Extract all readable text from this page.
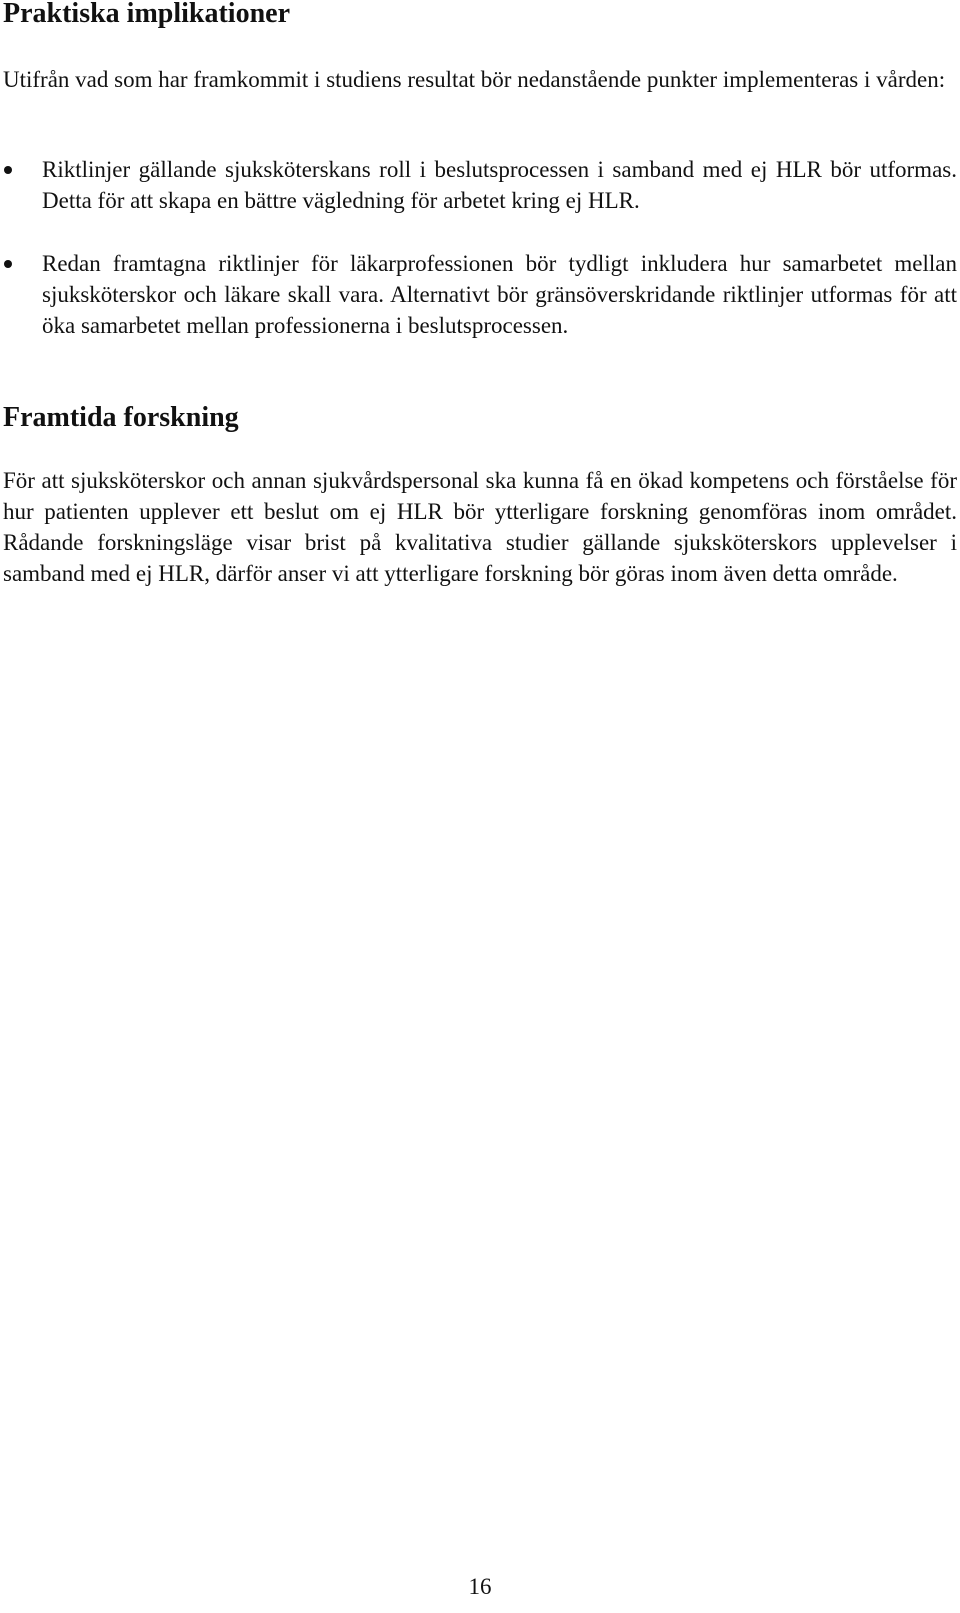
Praktiska implikationer

Utifrån vad som har framkommit i studiens resultat bör nedanstående punkter implementeras i vården:

Riktlinjer gällande sjuksköterskans roll i beslutsprocessen i samband med ej HLR bör utformas. Detta för att skapa en bättre vägledning för arbetet kring ej HLR.

Redan framtagna riktlinjer för läkarprofessionen bör tydligt inkludera hur samarbetet mellan sjuksköterskor och läkare skall vara. Alternativt bör gränsöverskridande riktlinjer utformas för att öka samarbetet mellan professionerna i beslutsprocessen.

Framtida forskning

För att sjuksköterskor och annan sjukvårdspersonal ska kunna få en ökad kompetens och förståelse för hur patienten upplever ett beslut om ej HLR bör ytterligare forskning genomföras inom området. Rådande forskningsläge visar brist på kvalitativa studier gällande sjuksköterskors upplevelser i samband med ej HLR, därför anser vi att ytterligare forskning bör göras inom även detta område.

16
